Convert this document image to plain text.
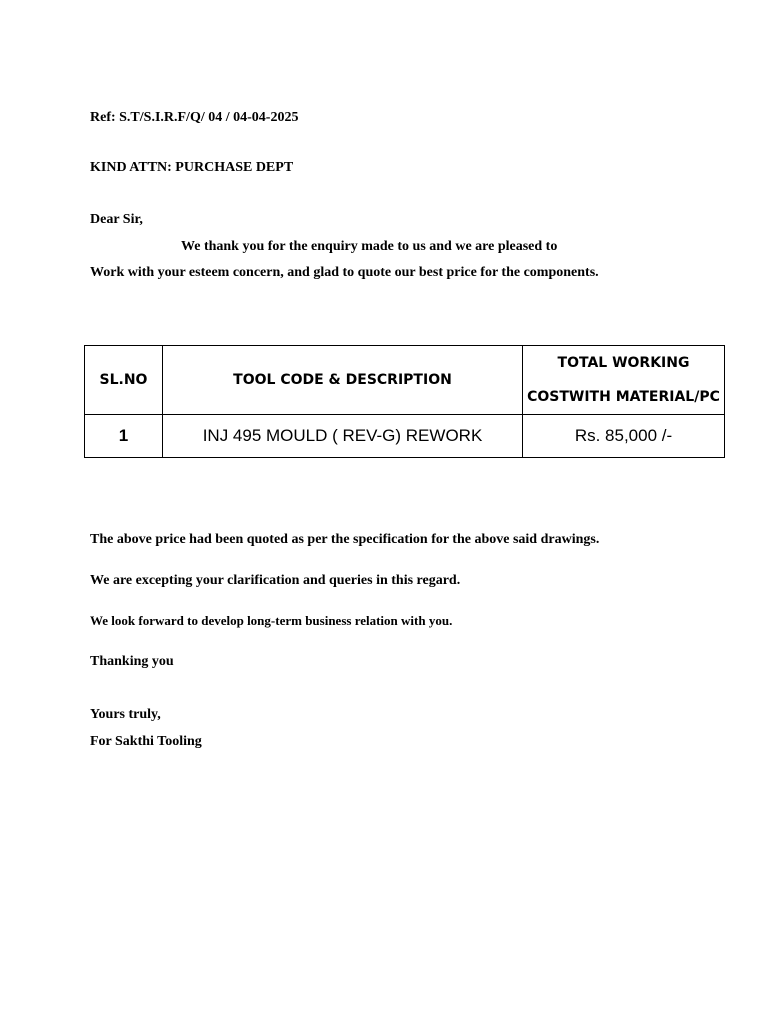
Ref: S.T/S.I.R.F/Q/ 04 / 04-04-2025
KIND ATTN: PURCHASE DEPT
Dear Sir,
We thank you for the enquiry made to us and we are pleased to
Work with your esteem concern, and glad to quote our best price for the components.
SL.NO	TOOL CODE & DESCRIPTION	TOTAL WORKING
COSTWITH MATERIAL/PC

1	INJ 495 MOULD ( REV-G) REWORK	Rs. 85,000 /-
The above price had been quoted as per the specification for the above said drawings.
We are excepting your clarification and queries in this regard.
We look forward to develop long-term business relation with you.
Thanking you
Yours truly,
For Sakthi Tooling
